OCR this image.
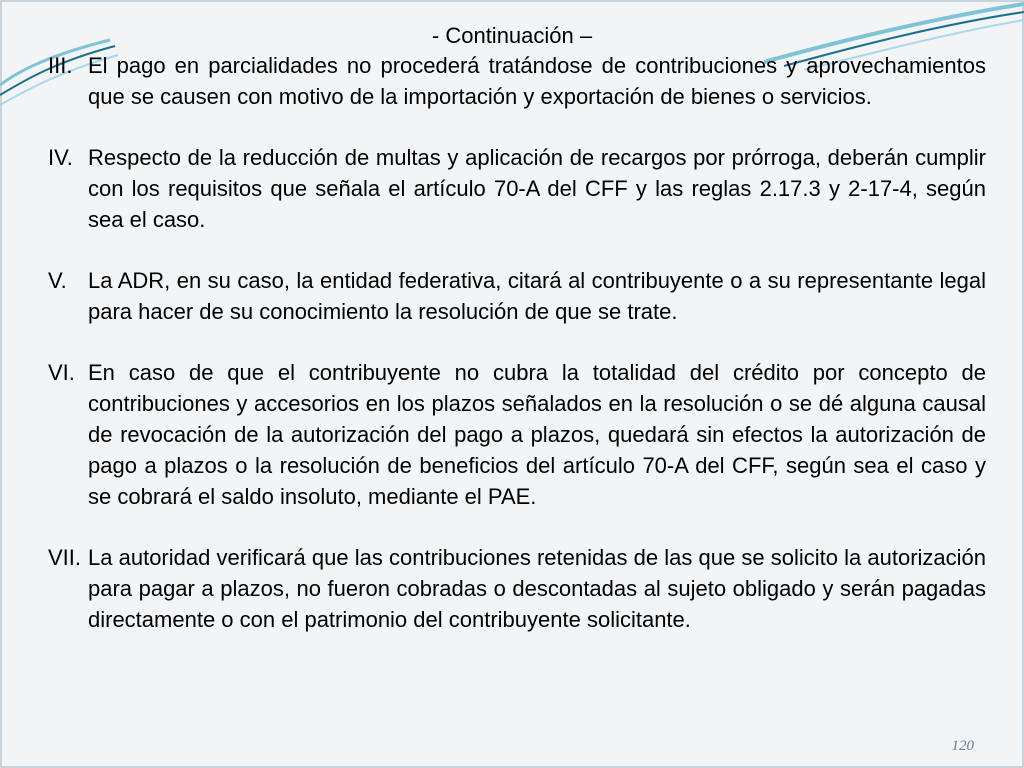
- Continuación –
III. El pago en parcialidades no procederá tratándose de contribuciones y aprovechamientos que se causen con motivo de la importación y exportación de bienes o servicios.
IV. Respecto de la reducción de multas y aplicación de recargos por prórroga, deberán cumplir con los requisitos que señala el artículo 70-A del CFF y las reglas 2.17.3 y 2-17-4, según sea el caso.
V. La ADR, en su caso, la entidad federativa, citará al contribuyente o a su representante legal para hacer de su conocimiento la resolución de que se trate.
VI. En caso de que el contribuyente no cubra la totalidad del crédito por concepto de contribuciones y accesorios en los plazos señalados en la resolución o se dé alguna causal de revocación de la autorización del pago a plazos, quedará sin efectos la autorización de pago a plazos o la resolución de beneficios del artículo 70-A del CFF, según sea el caso y se cobrará el saldo insoluto, mediante el PAE.
VII. La autoridad verificará que las contribuciones retenidas de las que se solicito la autorización para pagar a plazos, no fueron cobradas o descontadas al sujeto obligado y serán pagadas directamente o con el patrimonio del contribuyente solicitante.
120
